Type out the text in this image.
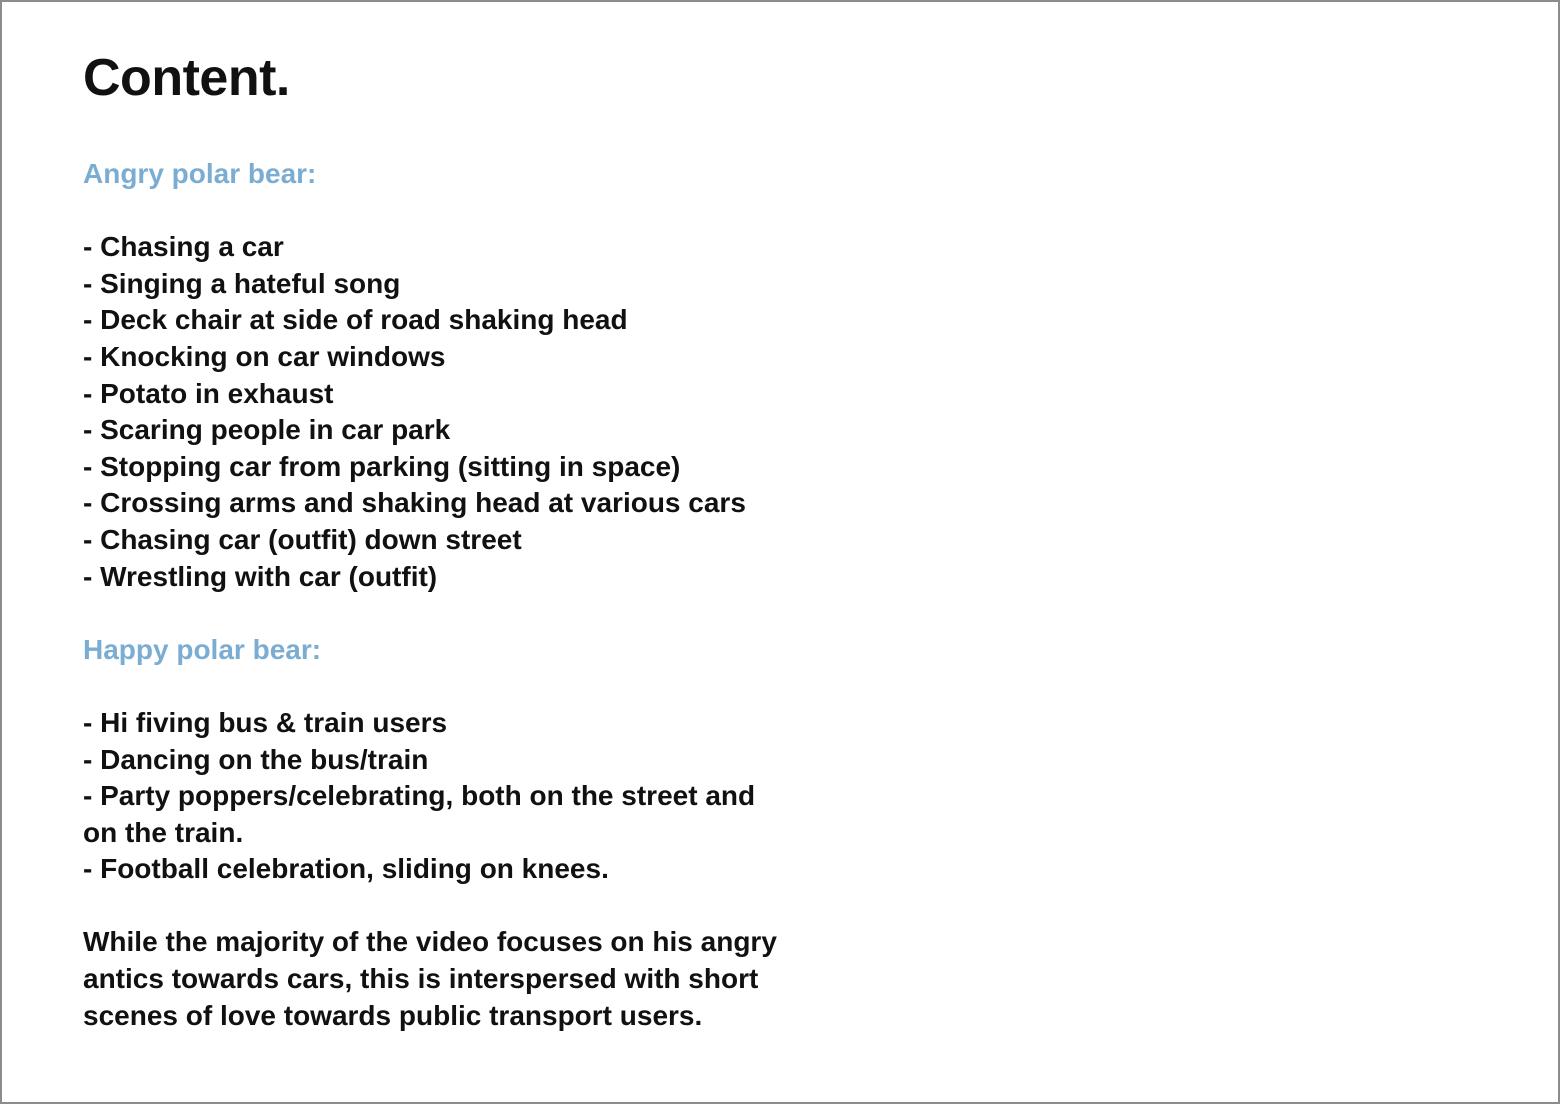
Content.

Angry polar bear:

- Chasing a car

- Singing a hateful song

- Deck chair at side of road shaking head

- Knocking on car windows

- Potato in exhaust

- Scaring people in car park

- Stopping car from parking (sitting in space)

- Crossing arms and shaking head at various cars

- Chasing car (outfit) down street

- Wrestling with car (outfit)

Happy polar bear:

- Hi fiving bus & train users

- Dancing on the bus/train

- Party poppers/celebrating, both on the street and

on the train.

- Football celebration, sliding on knees.

While the majority of the video focuses on his angry

antics towards cars, this is interspersed with short

scenes of love towards public transport users.
